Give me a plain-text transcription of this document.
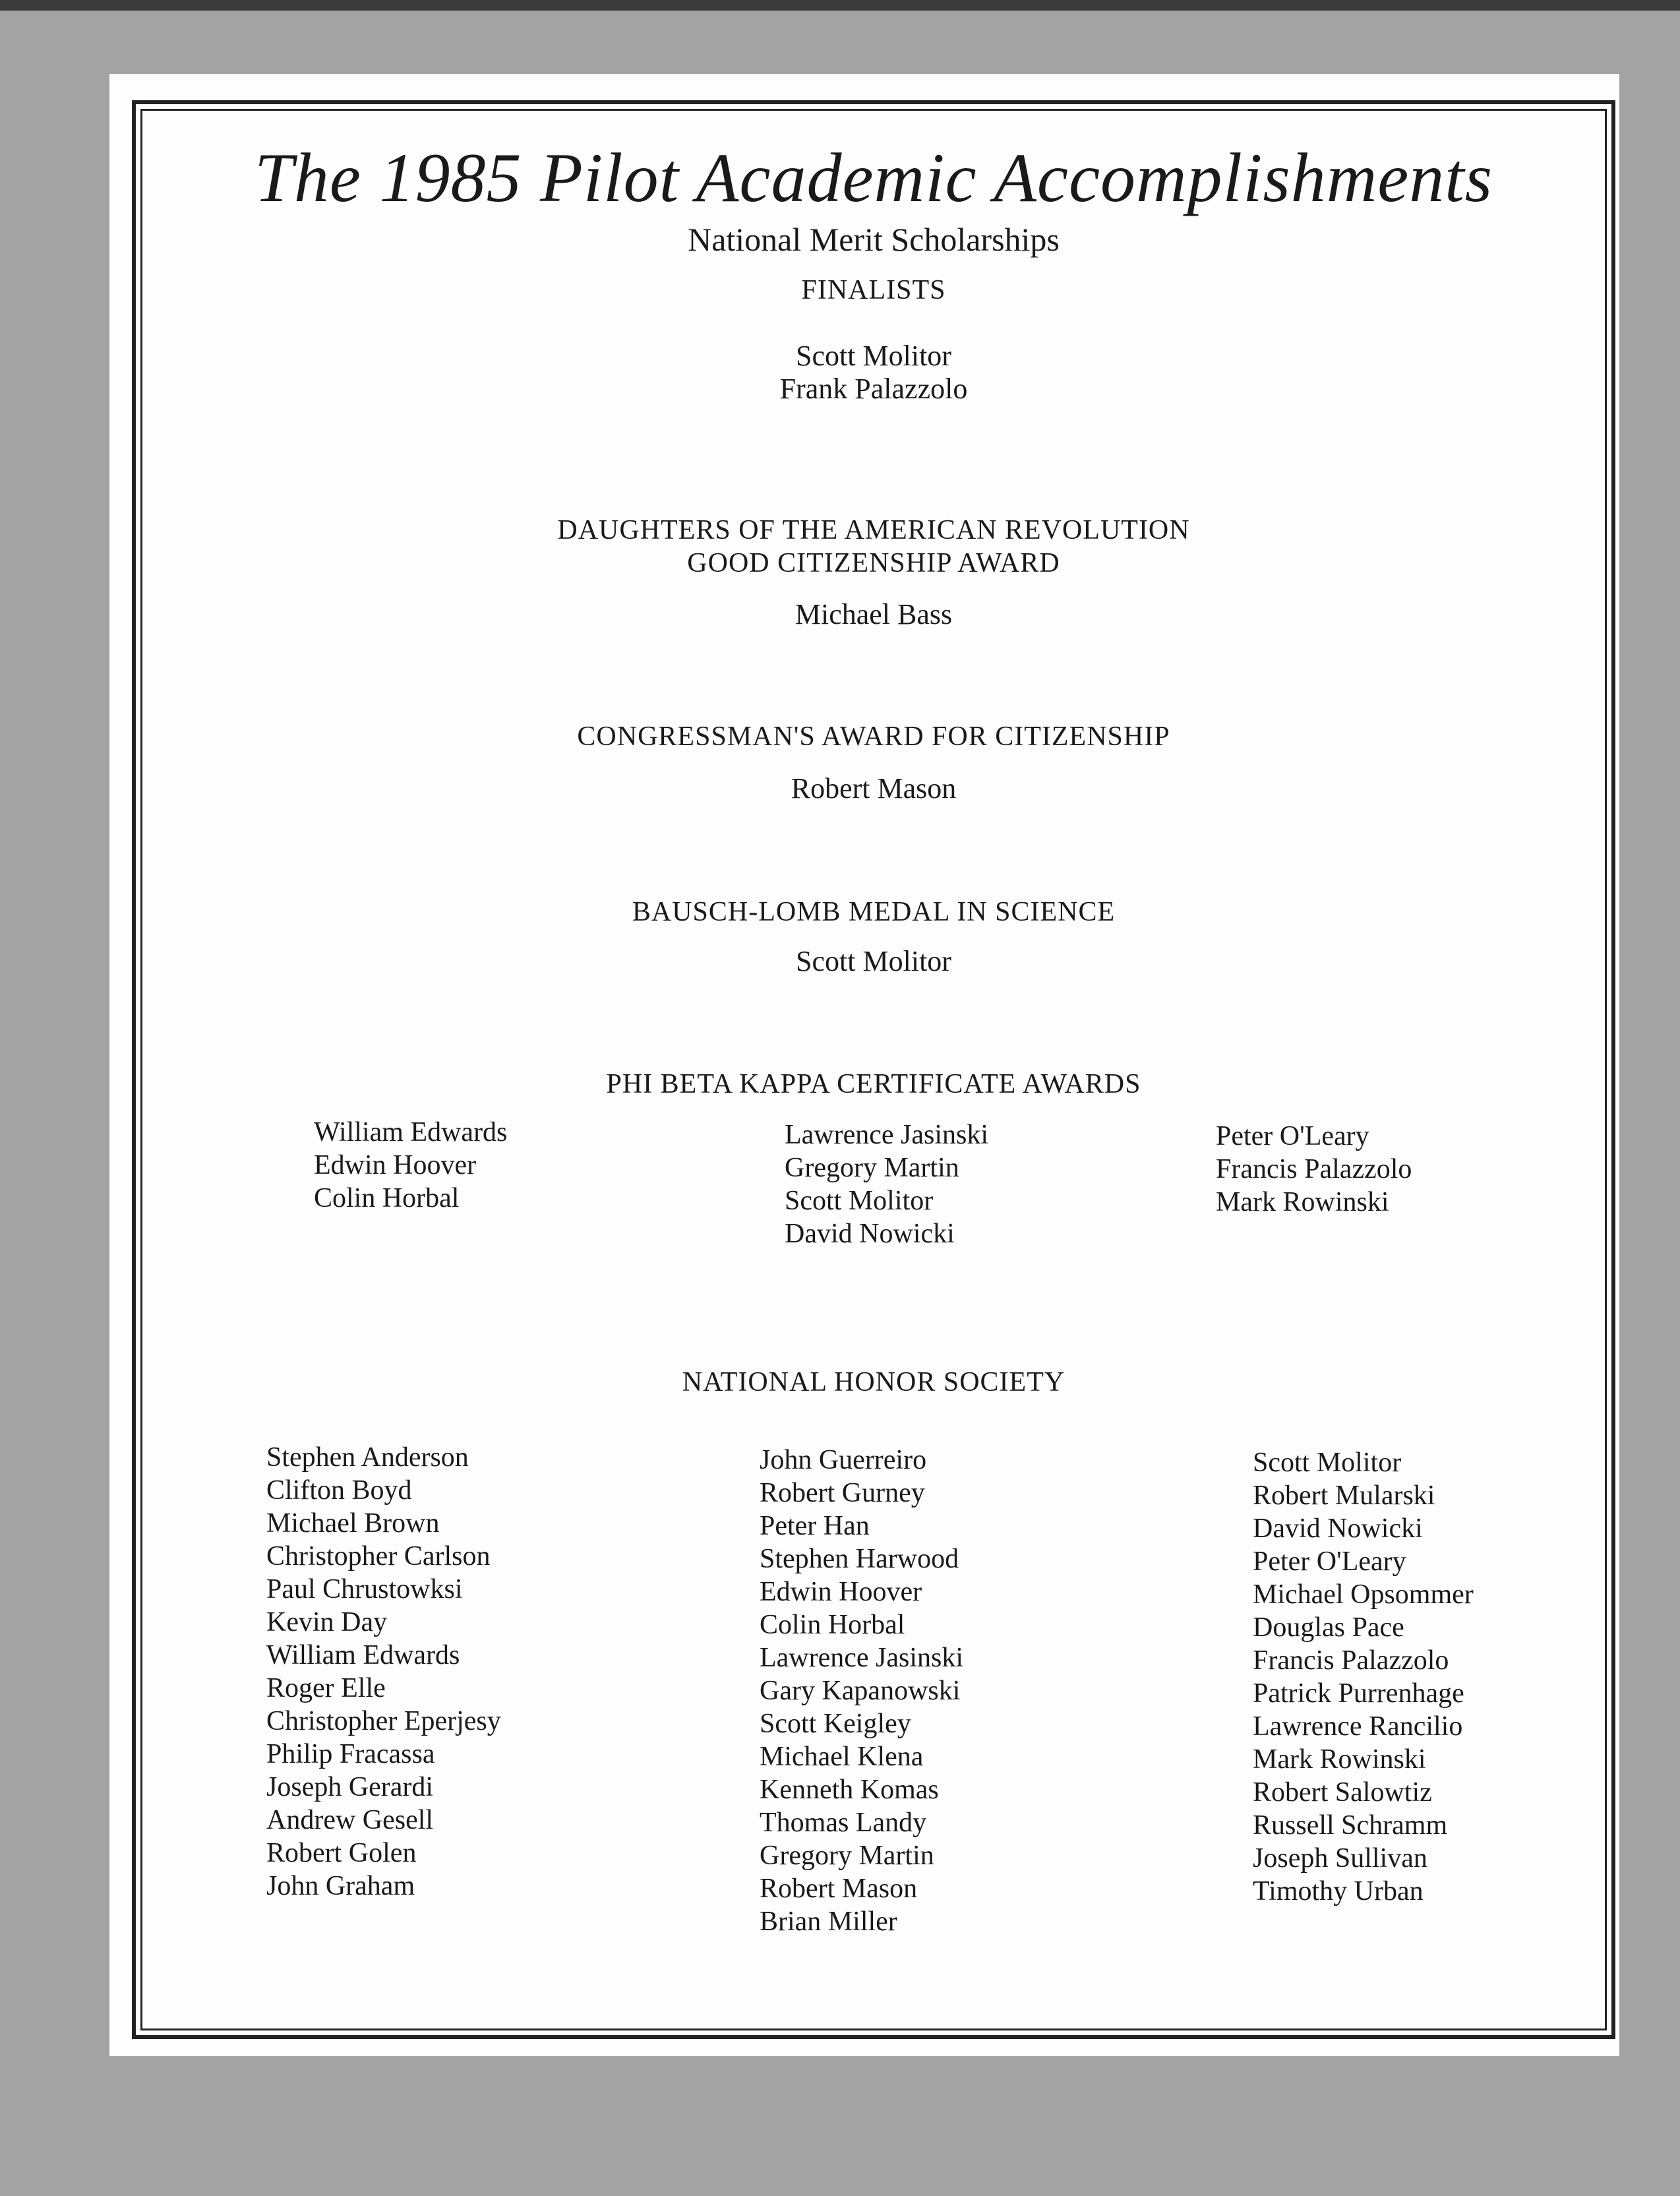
The 1985 Pilot Academic Accomplishments
National Merit Scholarships
FINALISTS
Scott Molitor
Frank Palazzolo
DAUGHTERS OF THE AMERICAN REVOLUTION
GOOD CITIZENSHIP AWARD
Michael Bass
CONGRESSMAN'S AWARD FOR CITIZENSHIP
Robert Mason
BAUSCH-LOMB MEDAL IN SCIENCE
Scott Molitor
PHI BETA KAPPA CERTIFICATE AWARDS
William Edwards
Edwin Hoover
Colin Horbal
Lawrence Jasinski
Gregory Martin
Scott Molitor
David Nowicki
Peter O'Leary
Francis Palazzolo
Mark Rowinski
NATIONAL HONOR SOCIETY
Stephen Anderson
Clifton Boyd
Michael Brown
Christopher Carlson
Paul Chrustowksi
Kevin Day
William Edwards
Roger Elle
Christopher Eperjesy
Philip Fracassa
Joseph Gerardi
Andrew Gesell
Robert Golen
John Graham
John Guerreiro
Robert Gurney
Peter Han
Stephen Harwood
Edwin Hoover
Colin Horbal
Lawrence Jasinski
Gary Kapanowski
Scott Keigley
Michael Klena
Kenneth Komas
Thomas Landy
Gregory Martin
Robert Mason
Brian Miller
Scott Molitor
Robert Mularski
David Nowicki
Peter O'Leary
Michael Opsommer
Douglas Pace
Francis Palazzolo
Patrick Purrenhage
Lawrence Rancilio
Mark Rowinski
Robert Salowtiz
Russell Schramm
Joseph Sullivan
Timothy Urban
